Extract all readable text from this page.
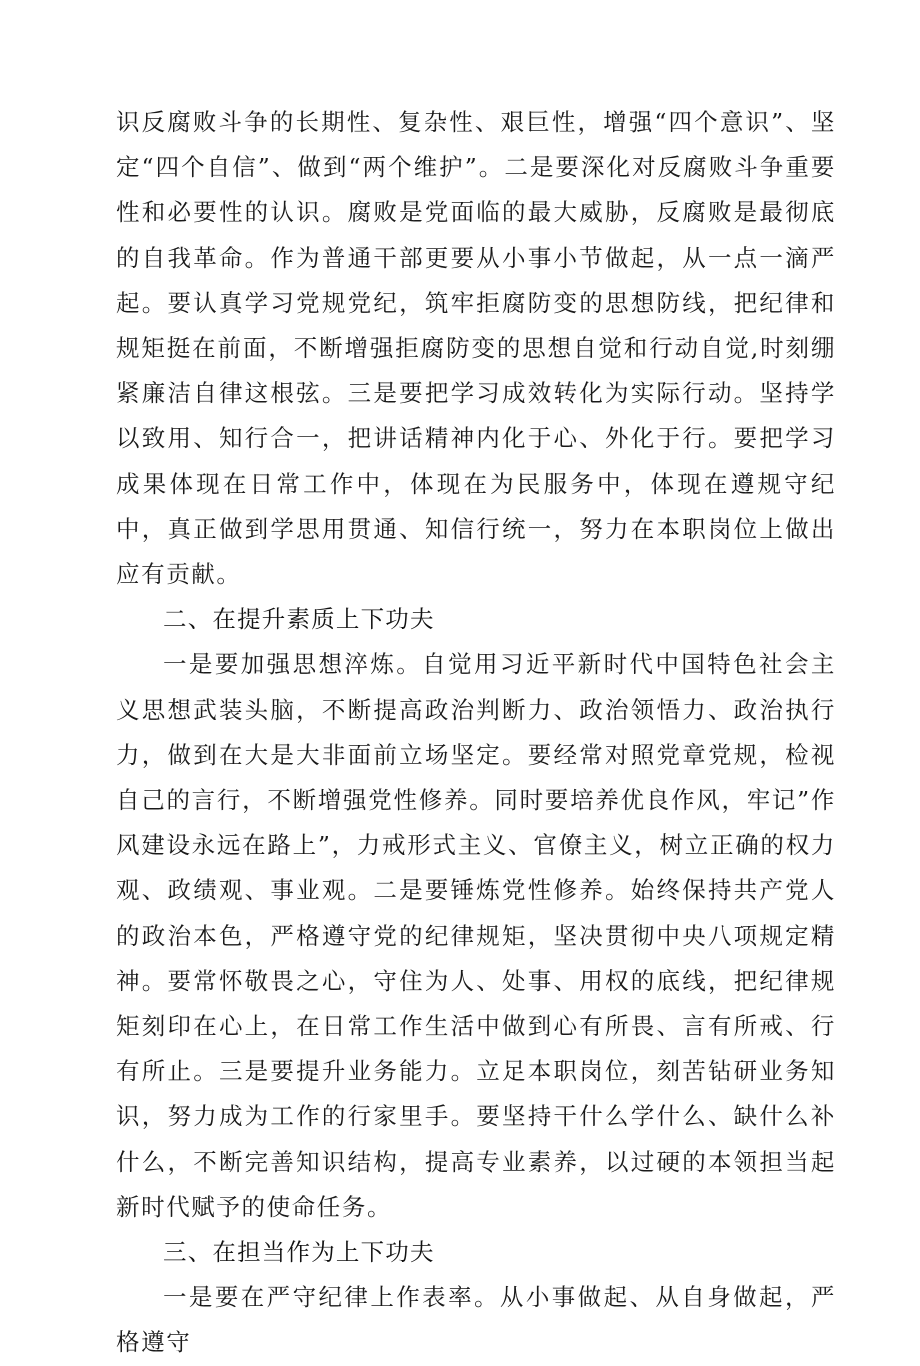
识反腐败斗争的长期性、复杂性、艰巨性，增强“四个意识”、坚定“四个自信”、做到“两个维护”。二是要深化对反腐败斗争重要性和必要性的认识。腐败是党面临的最大威胁，反腐败是最彻底的自我革命。作为普通干部更要从小事小节做起，从一点一滴严起。要认真学习党规党纪，筑牢拒腐防变的思想防线，把纪律和规矩挺在前面，不断增强拒腐防变的思想自觉和行动自觉,时刻绷紧廉洁自律这根弦。三是要把学习成效转化为实际行动。坚持学以致用、知行合一，把讲话精神内化于心、外化于行。要把学习成果体现在日常工作中，体现在为民服务中，体现在遵规守纪中，真正做到学思用贯通、知信行统一，努力在本职岗位上做出应有贡献。

二、在提升素质上下功夫

一是要加强思想淬炼。自觉用习近平新时代中国特色社会主义思想武装头脑，不断提高政治判断力、政治领悟力、政治执行力，做到在大是大非面前立场坚定。要经常对照党章党规，检视自己的言行，不断增强党性修养。同时要培养优良作风，牢记”作风建设永远在路上”，力戒形式主义、官僚主义，树立正确的权力观、政绩观、事业观。二是要锤炼党性修养。始终保持共产党人的政治本色，严格遵守党的纪律规矩，坚决贯彻中央八项规定精神。要常怀敬畏之心，守住为人、处事、用权的底线，把纪律规矩刻印在心上，在日常工作生活中做到心有所畏、言有所戒、行有所止。三是要提升业务能力。立足本职岗位，刻苦钻研业务知识，努力成为工作的行家里手。要坚持干什么学什么、缺什么补什么，不断完善知识结构，提高专业素养，以过硬的本领担当起新时代赋予的使命任务。

三、在担当作为上下功夫

一是要在严守纪律上作表率。从小事做起、从自身做起，严格遵守
